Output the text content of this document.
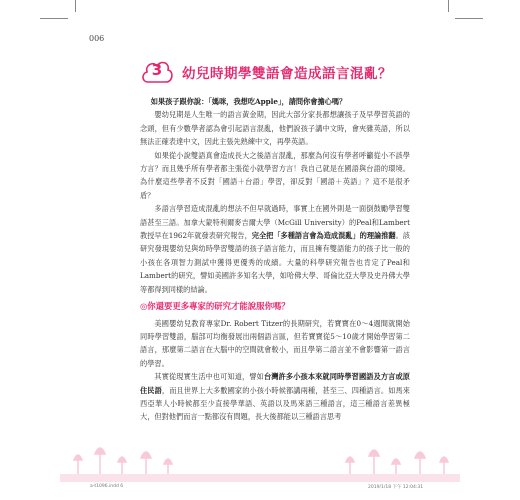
006
3	幼兒時期學雙語會造成語言混亂？

如果孩子跟你說：「媽咪，我想吃Apple」，請問你會擔心嗎？

嬰幼兒期是人生唯一的語言黃金期，因此大部分家長都想讓孩子及早學習英語的念頭，但有少數學者認為會引起語言混亂，他們說孩子講中文時，會夾雜英語，所以無法正確表達中文，因此主張先熟練中文，再學英語。

如果從小說雙語真會造成長大之後語言混亂，那麼為何沒有學者呼籲從小不該學方言？而且幾乎所有學者都主張從小就學習方言！我自己就是在國語與台語的環境。為什麼這些學者不反對「國語＋台語」學習，卻反對「國語＋英語」？這不是很矛盾？

多語言學習造成混亂的想法不但早就過時，事實上在國外則是一面倒鼓勵學習雙語甚至三語。加拿大蒙特利爾麥吉爾大學（McGill University）的Peal和Lambert教授早在1962年就發表研究報告，完全把「多種語言會為造成混亂」的理論推翻。該研究發現嬰幼兒與幼時學習雙語的孩子語言能力，而且擁有雙語能力的孩子比一般的小孩在各項智力測試中獲得更優秀的成績。大量的科學研究報告也肯定了Peal和Lambert的研究，譬如美國許多知名大學，如哈佛大學、哥倫比亞大學及史丹佛大學等都得到同樣的結論。

◎你還要更多專家的研究才能說服你嗎？

美國嬰幼兒教育專家Dr. Robert Titzer的長期研究，若寶寶在0～4週間就開始同時學習雙語，腦部可均衡發展出兩個語言區，但若寶寶從5～10歲才開始學習第二語言，那麼第二語言在大腦中的空間就會較小，而且學第二語言並不會影響第一語言的學習。

其實從現實生活中也可知道，譬如台灣許多小孩本來就同時學習國語及方言或原住民語，而且世界上大多數國家的小孩小時候都講兩種，甚至三、四種語言。如馬來西亞華人小時候都至少直接學華語、英語以及馬來語三種語言，這三種語言差異極大，但對他們而言一點都沒有問題，長大後都能以三種語言思考

a-t1096.indd 6	2019/1/18 下午 12:04:31
